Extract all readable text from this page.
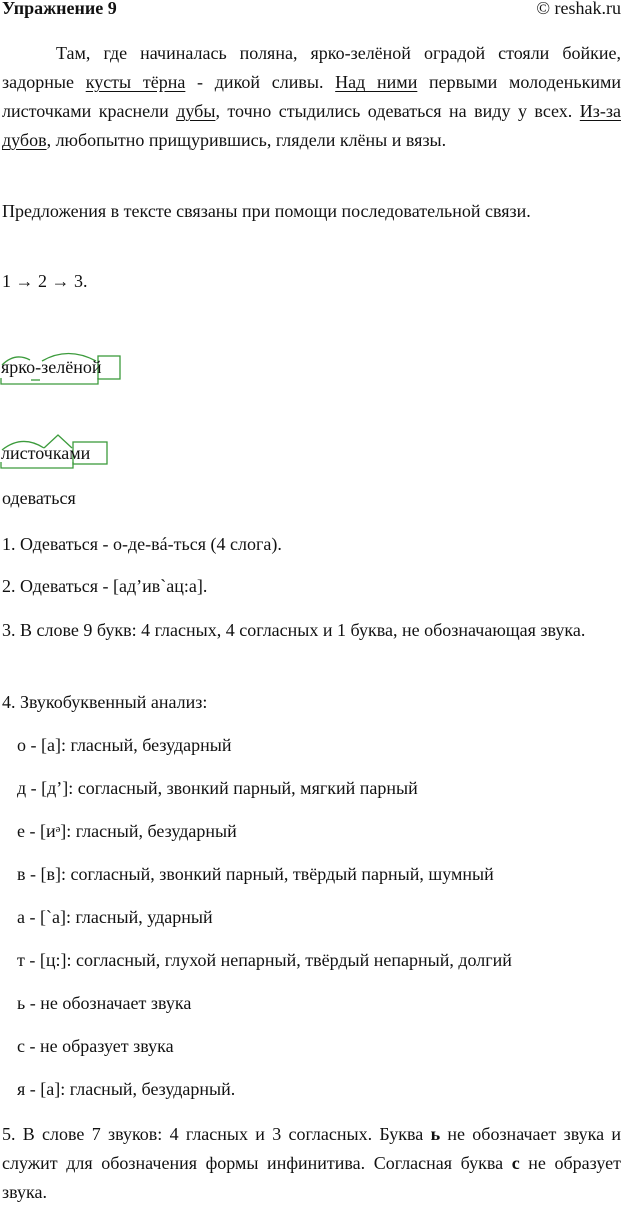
Упражнение 9	© reshak.ru
Там, где начиналась поляна, ярко-зелёной оградой стояли бойкие, задорные кусты тёрна - дикой сливы. Над ними первыми молоденькими листочками краснели дубы, точно стыдились одеваться на виду у всех. Из-за дубов, любопытно прищурившись, глядели клёны и вязы.
Предложения в тексте связаны при помощи последовательной связи.
1 → 2 → 3.
ярко-зелёной
листочками
одеваться
1. Одеваться - о-де-вá-ться (4 слога).
2. Одеваться - [ад’ив`ац:а].
3. В слове 9 букв: 4 гласных, 4 согласных и 1 буква, не обозначающая звука.
4. Звукобуквенный анализ:
о - [а]: гласный, безударный
д - [д’]: согласный, звонкий парный, мягкий парный
е - [иᵊ]: гласный, безударный
в - [в]: согласный, звонкий парный, твёрдый парный, шумный
а - [`а]: гласный, ударный
т - [ц:]: согласный, глухой непарный, твёрдый непарный, долгий
ь - не обозначает звука
с - не образует звука
я - [а]: гласный, безударный.
5. В слове 7 звуков: 4 гласных и 3 согласных. Буква ь не обозначает звука и служит для обозначения формы инфинитива. Согласная буква с не образует звука.
